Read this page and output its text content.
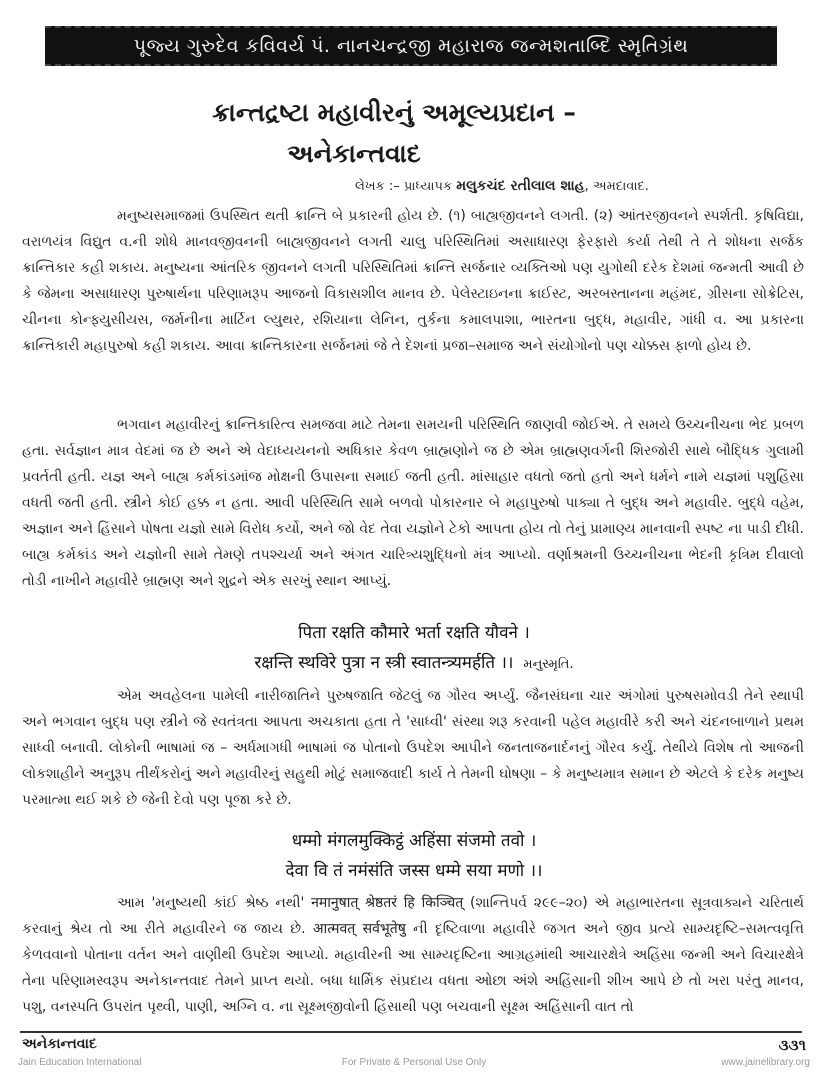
પૂજ્ય ગુરુદેવ કવિવર્ય પં. નાનચન્દ્રજી મહારાજ જન્મશતાબ્દિ સ્મૃતિગ્રંથ
ક્રાન્તદ્રષ્ટા મહાવીરનું અમૂલ્યપ્રદાન –
અનેકાન્તવાદ
લેખક :– પ્રાધ્યાપક મલુકચંદ રતીલાલ શાહ, અમદાવાદ.
મનુષ્યસમાજમાં ઉપસ્થિત થતી ક્રાન્તિ બે પ્રકારની હોય છે. (૧) બાહ્યજીવનને લગતી. (૨) આંતરજીવનને સ્પર્શતી. કૃષિવિદ્યા, વરાળયંત્ર વિદ્યુત વ.ની શોધે માનવજીવનની બાહ્યજીવનને લગતી ચાલુ પરિસ્થિતિમાં અસાધારણ ફેરફારો કર્યા તેથી તે તે શોધના સર્જક ક્રાન્તિકાર કહી શકાય. મનુષ્યના આંતરિક જીવનને લગતી પરિસ્થિતિમાં ક્રાન્તિ સર્જનાર વ્યક્તિઓ પણ યુગોથી દરેક દેશમાં જન્મતી આવી છે કે જેમના અસાધારણ પુરુષાર્થના પરિણામરૂપ આજનો વિકાસશીલ માનવ છે. પેલેસ્ટાઇનના ક્રાઈસ્ટ, અરબસ્તાનના મહંમદ, ગ્રીસના સોક્રેટિસ, ચીનના કોન્ફ્યુસીયસ, જર્મનીના માર્ટિન લ્યુથર, રશિયાના લેનિન, તુર્કના કમાલપાશા, ભારતના બુદ્ધ, મહાવીર, ગાંધી વ. આ પ્રકારના ક્રાન્તિકારી મહાપુરુષો કહી શકાય. આવા ક્રાન્તિકારના સર્જનમાં જે તે દેશનાં પ્રજા–સમાજ અને સંયોગોનો પણ ચોક્કસ ફાળો હોય છે.
ભગવાન મહાવીરનું ક્રાન્તિકારિત્વ સમજવા માટે તેમના સમયની પરિસ્થિતિ જાણવી જોઈએ. તે સમયે ઉચ્ચનીચના ભેદ પ્રબળ હતા. સર્વજ્ઞાન માત્ર વેદમાં જ છે અને એ વેદાધ્યયનનો અધિકાર કેવળ બ્રાહ્મણોને જ છે એમ બ્રાહ્મણવર્ગની શિરજોરી સાથે બૌદ્ધિક ગુલામી પ્રવર્તતી હતી. યજ્ઞ અને બાહ્ય કર્મકાંડમાંજ મોક્ષની ઉપાસના સમાઈ જતી હતી. માંસાહાર વધતો જતો હતો અને ધર્મને નામે યજ્ઞમાં પશુહિંસા વધતી જતી હતી. સ્ત્રીને કોઈ હક્ક ન હતા. આવી પરિસ્થિતિ સામે બળવો પોકારનાર બે મહાપુરુષો પાક્યા તે બુદ્ધ અને મહાવીર. બુદ્ધે વહેમ, અજ્ઞાન અને હિંસાને પોષતા યજ્ઞો સામે વિરોધ કર્યો, અને જો વેદ તેવા યજ્ઞોને ટેકો આપતા હોય તો તેનું પ્રામાણ્ય માનવાની સ્પષ્ટ ના પાડી દીધી. બાહ્ય કર્મકાંડ અને યજ્ઞોની સામે તેમણે તપશ્ચર્યા અને અંગત ચારિત્ર્યશુદ્ધિનો મંત્ર આપ્યો. વર્ણાશ્રમની ઉચ્ચનીચના ભેદની કૃત્રિમ દીવાલો તોડી નાખીને મહાવીરે બ્રાહ્મણ અને શુદ્રને એક સરખું સ્થાન આપ્યું.
पिता रक्षति कौमारे भर्ता रक्षति यौवने ।
रक्षन्ति स्थविरे पुत्रा न स्त्री स्वातन्त्र्यमर्हति ।। મનુસ્મૃતિ.
એમ અવહેલના પામેલી નારીજાતિને પુરુષજાતિ જેટલું જ ગૌરવ અર્પ્યું. જૈનસંઘના ચાર અંગોમાં પુરુષસમોવડી તેને સ્થાપી અને ભગવાન બુદ્ધ પણ સ્ત્રીને જે સ્વતંત્રતા આપતા અચકાતા હતા તે 'સાધ્વી' સંસ્થા શરૂ કરવાની પહેલ મહાવીરે કરી અને ચંદનબાળાને પ્રથમ સાધ્વી બનાવી. લોકોની ભાષામાં જ – અર્ધમાગધી ભાષામાં જ પોતાનો ઉપદેશ આપીને જનતાજનાર્દનનું ગૌરવ કર્યું. તેથીયે વિશેષ તો આજની લોકશાહીને અનુરૂપ તીર્થંકરોનું અને મહાવીરનું સહુથી મોટું સમાજવાદી કાર્ય તે તેમની ઘોષણા – કે મનુષ્યમાત્ર સમાન છે એટલે કે દરેક મનુષ્ય પરમાત્મા થઈ શકે છે જેની દેવો પણ પૂજા કરે છે.
धम्मो मंगलमुक्किट्ठं अहिंसा संजमो तवो ।
देवा वि तं नमंसंति जस्स धम्मे सया मणो ।।
આમ 'મનુષ્યથી કાંઈ શ્રેષ્ઠ નથી' नमानुषात् श्रेष्ठतरं हि किञ्चित् (શાન્તિપર્વ ૨૯૯–૨૦) એ મહાભારતના સૂત્રવાક્યને ચરિતાર્થ કરવાનું શ્રેય તો આ રીતે મહાવીરને જ જાય છે. आत्मवत् सर्वभूतेषु ની દૃષ્ટિવાળા મહાવીરે જગત અને જીવ પ્રત્યે સામ્યદૃષ્ટિ–સમત્વવૃત્તિ કેળવવાનો પોતાના વર્તન અને વાણીથી ઉપદેશ આપ્યો. મહાવીરની આ સામ્યદૃષ્ટિના આગ્રહમાંથી આચારક્ષેત્રે અહિંસા જન્મી અને વિચારક્ષેત્રે તેના પરિણામસ્વરૂપ અનેકાન્તવાદ તેમને પ્રાપ્ત થયો. બધા ધાર્મિક સંપ્રદાય વધતા ઓછા અંશે અહિંસાની શીખ આપે છે તો ખરા પરંતુ માનવ, પશુ, વનસ્પતિ ઉપરાંત પૃથ્વી, પાણી, અગ્નિ વ. ના સૂક્ષ્મજીવોની હિંસાથી પણ બચવાની સૂક્ષ્મ અહિંસાની વાત તો
અનેકાન્તવાદ	૩૩૧
Jain Education International	For Private & Personal Use Only	www.jainelibrary.org
